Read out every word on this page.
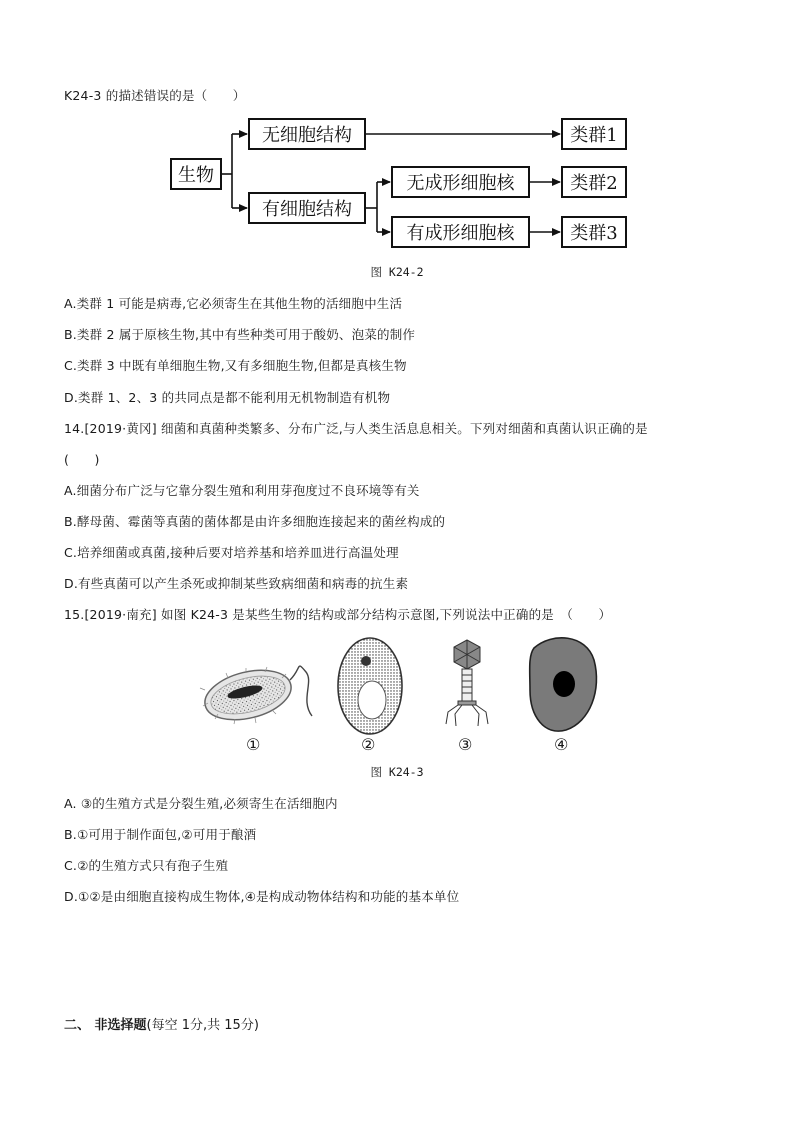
K24-3 的描述错误的是（　　）
生物
无细胞结构
有细胞结构
无成形细胞核
有成形细胞核
类群1
类群2
类群3
图 K24-2
A.类群 1 可能是病毒,它必须寄生在其他生物的活细胞中生活
B.类群 2 属于原核生物,其中有些种类可用于酸奶、泡菜的制作
C.类群 3 中既有单细胞生物,又有多细胞生物,但都是真核生物
D.类群 1、2、3 的共同点是都不能利用无机物制造有机物
14.[2019·黄冈] 细菌和真菌种类繁多、分布广泛,与人类生活息息相关。下列对细菌和真菌认识正确的是
(　　)
A.细菌分布广泛与它靠分裂生殖和利用芽孢度过不良环境等有关
B.酵母菌、霉菌等真菌的菌体都是由许多细胞连接起来的菌丝构成的
C.培养细菌或真菌,接种后要对培养基和培养皿进行高温处理
D.有些真菌可以产生杀死或抑制某些致病细菌和病毒的抗生素
15.[2019·南充] 如图 K24-3 是某些生物的结构或部分结构示意图,下列说法中正确的是　（　　）
①	②	③	④
图 K24-3
A. ③的生殖方式是分裂生殖,必须寄生在活细胞内
B.①可用于制作面包,②可用于酿酒
C.②的生殖方式只有孢子生殖
D.①②是由细胞直接构成生物体,④是构成动物体结构和功能的基本单位
二、 非选择题(每空 1分,共 15分)
